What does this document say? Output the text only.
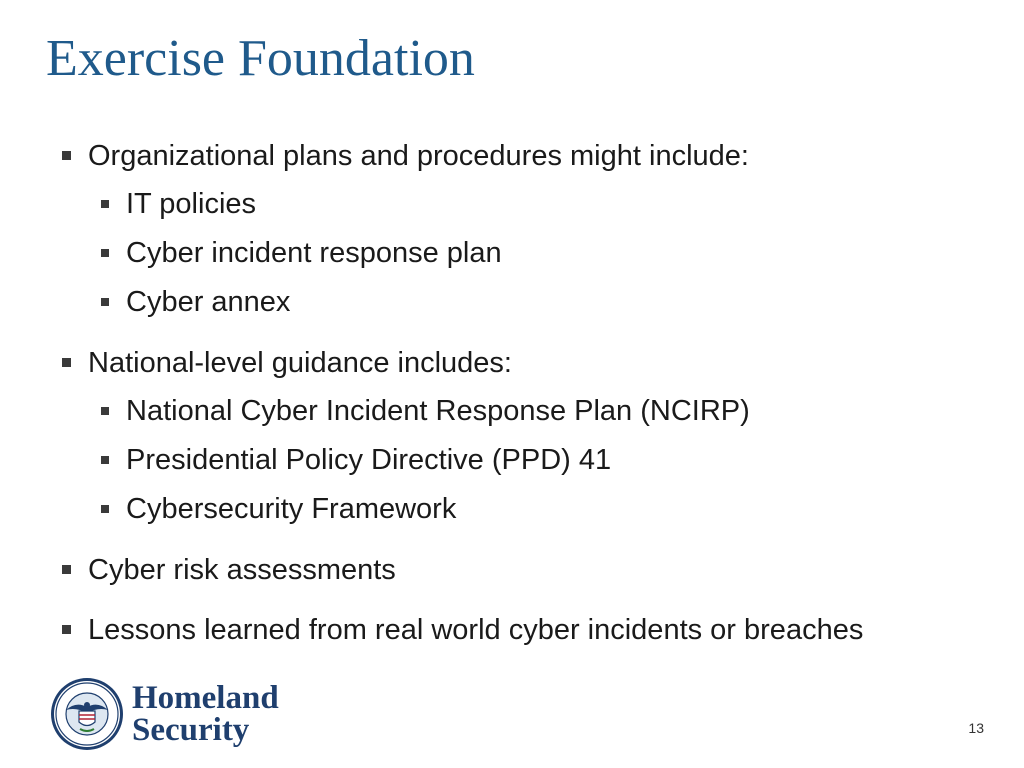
Exercise Foundation
Organizational plans and procedures might include:
IT policies
Cyber incident response plan
Cyber annex
National-level guidance includes:
National Cyber Incident Response Plan (NCIRP)
Presidential Policy Directive (PPD) 41
Cybersecurity Framework
Cyber risk assessments
Lessons learned from real world cyber incidents or breaches
Homeland
Security	13
